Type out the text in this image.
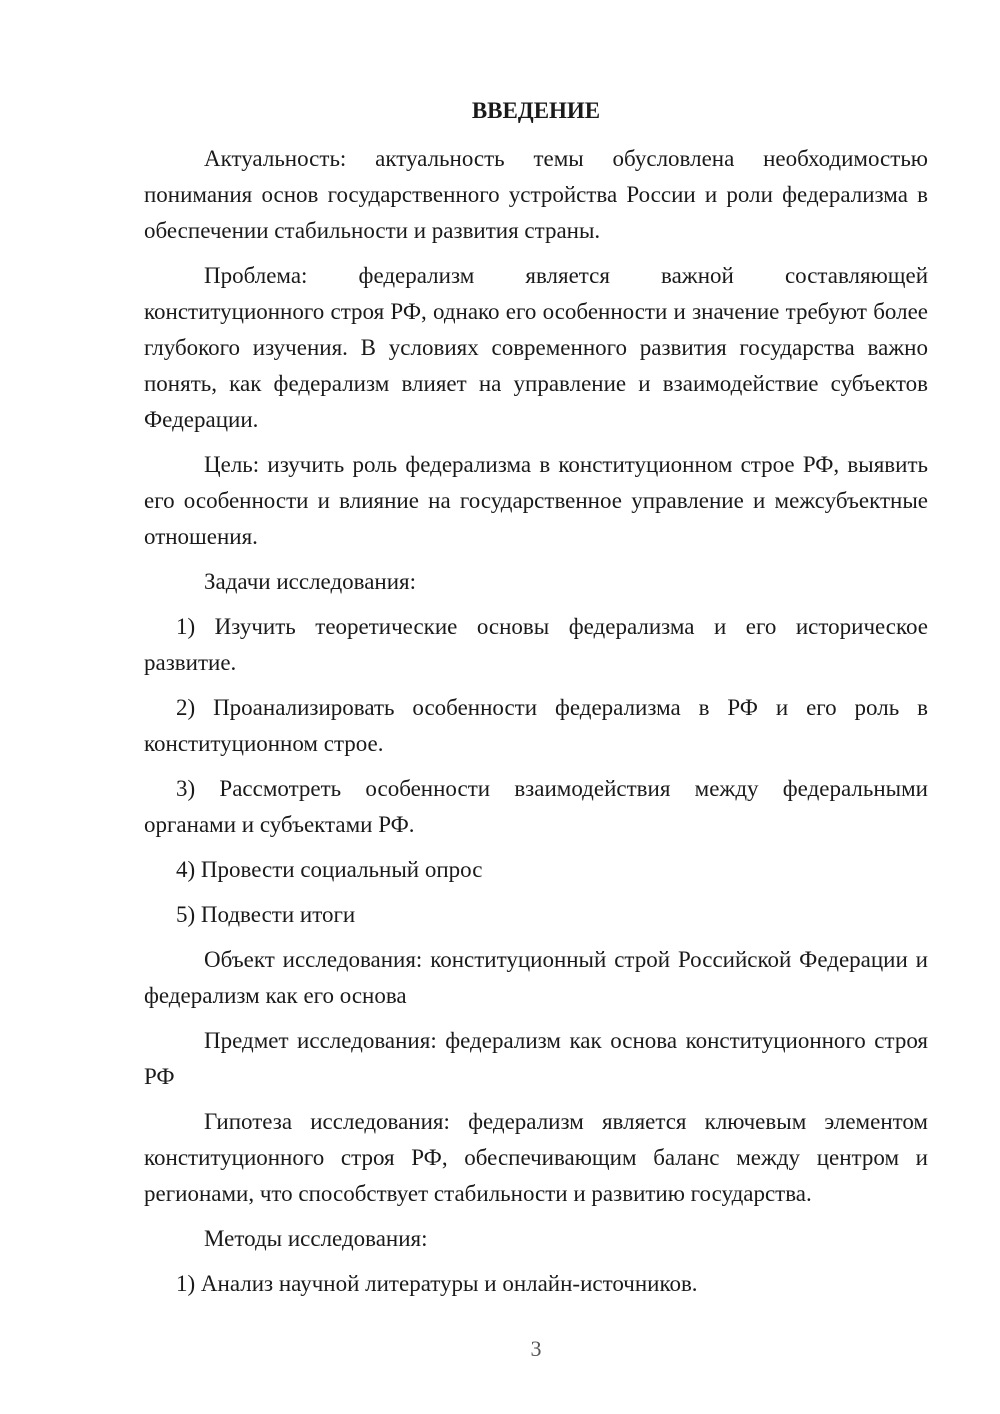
ВВЕДЕНИЕ

Актуальность: актуальность темы обусловлена необходимостью понимания основ государственного устройства России и роли федерализма в обеспечении стабильности и развития страны.

Проблема: федерализм является важной составляющей конституционного строя РФ, однако его особенности и значение требуют более глубокого изучения. В условиях современного развития государства важно понять, как федерализм влияет на управление и взаимодействие субъектов Федерации.

Цель: изучить роль федерализма в конституционном строе РФ, выявить его особенности и влияние на государственное управление и межсубъектные отношения.

Задачи исследования:

1) Изучить теоретические основы федерализма и его историческое развитие.

2) Проанализировать особенности федерализма в РФ и его роль в конституционном строе.

3) Рассмотреть особенности взаимодействия между федеральными органами и субъектами РФ.

4) Провести социальный опрос

5) Подвести итоги

Объект исследования: конституционный строй Российской Федерации и федерализм как его основа

Предмет исследования: федерализм как основа конституционного строя РФ

Гипотеза исследования: федерализм является ключевым элементом конституционного строя РФ, обеспечивающим баланс между центром и регионами, что способствует стабильности и развитию государства.

Методы исследования:

1) Анализ научной литературы и онлайн-источников.

3
